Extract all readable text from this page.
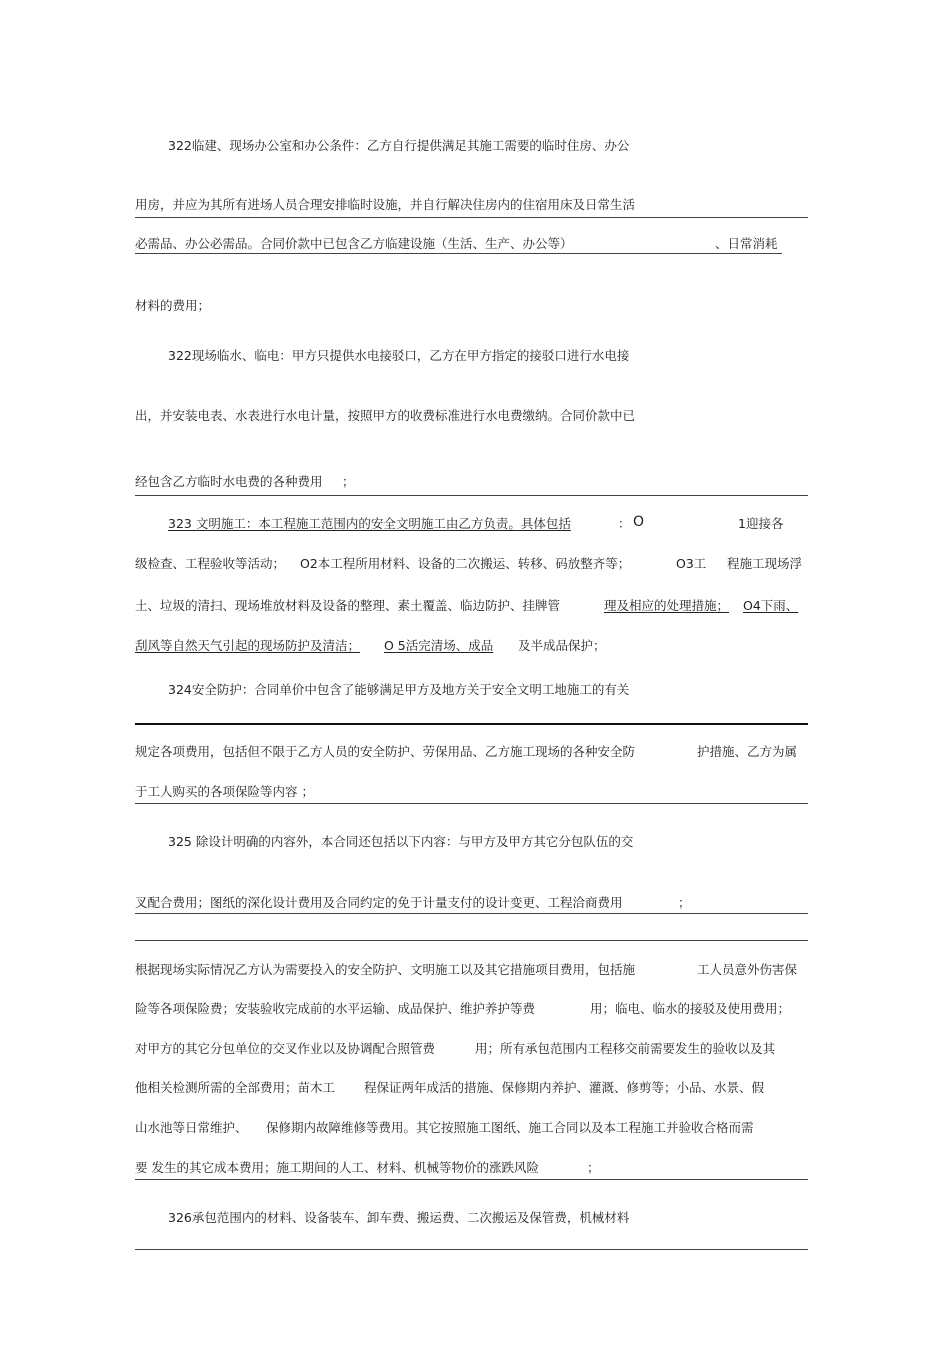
322临建、现场办公室和办公条件：乙方自行提供满足其施工需要的临时住房、办公
用房，并应为其所有进场人员合理安排临时设施，并自行解决住房内的住宿用床及日常生活
必需品、办公必需品。合同价款中已包含乙方临建设施（生活、生产、办公等）	、日常消耗
材料的费用；
322现场临水、临电：甲方只提供水电接驳口，乙方在甲方指定的接驳口进行水电接
出，并安装电表、水表进行水电计量，按照甲方的收费标准进行水电费缴纳。合同价款中已
经包含乙方临时水电费的各种费用 ；
323 文明施工：本工程施工范围内的安全文明施工由乙方负责。具体包括	： O	1迎接各
级检查、工程验收等活动； O2本工程所用材料、设备的二次搬运、转移、码放整齐等；	O3工 程施工现场浮
土、垃圾的清扫、现场堆放材料及设备的整理、素土覆盖、临边防护、挂牌管	理及相应的处理措施； O4下雨、
刮风等自然天气引起的现场防护及清洁； O 5活完清场、成品 及半成品保护；
324安全防护：合同单价中包含了能够满足甲方及地方关于安全文明工地施工的有关
规定各项费用，包括但不限于乙方人员的安全防护、劳保用品、乙方施工现场的各种安全防	护措施、乙方为属
于工人购买的各项保险等内容 ；
325 除设计明确的内容外，本合同还包括以下内容：与甲方及甲方其它分包队伍的交
叉配合费用；图纸的深化设计费用及合同约定的免于计量支付的设计变更、工程洽商费用	；
根据现场实际情况乙方认为需要投入的安全防护、文明施工以及其它措施项目费用，包括施	工人员意外伤害保
险等各项保险费；安装验收完成前的水平运输、成品保护、维护养护等费	用；临电、临水的接驳及使用费用；
对甲方的其它分包单位的交叉作业以及协调配合照管费	用；所有承包范围内工程移交前需要发生的验收以及其
他相关检测所需的全部费用；苗木工 程保证两年成活的措施、保修期内养护、灌溉、修剪等；小品、水景、假
山水池等日常维护、 保修期内故障维修等费用。其它按照施工图纸、施工合同以及本工程施工并验收合格而需
要 发生的其它成本费用；施工期间的人工、材料、机械等物价的涨跌风险	；
326承包范围内的材料、设备装车、卸车费、搬运费、二次搬运及保管费，机械材料
